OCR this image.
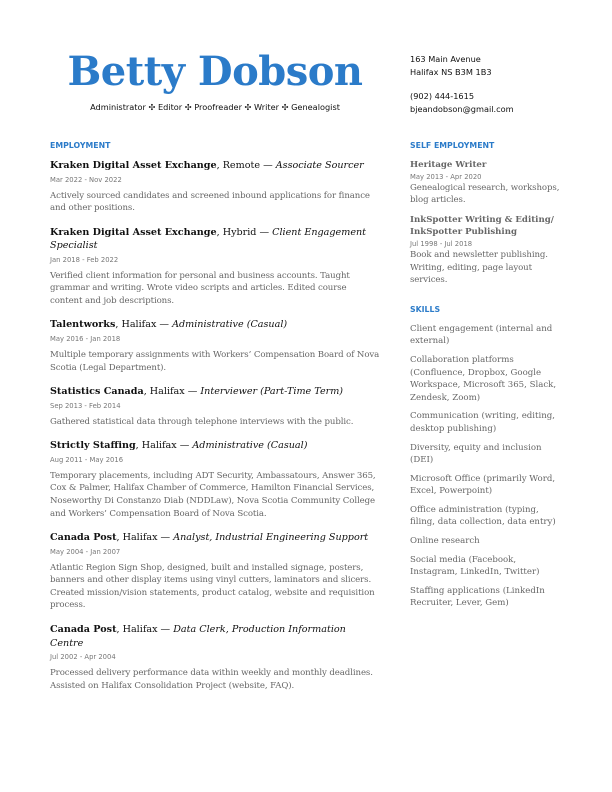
Betty Dobson
Administrator ✣ Editor ✣ Proofreader ✣ Writer ✣ Genealogist
163 Main Avenue
Halifax NS B3M 1B3
(902) 444-1615
bjeandobson@gmail.com
EMPLOYMENT
Kraken Digital Asset Exchange, Remote — Associate Sourcer
Mar 2022 - Nov 2022
Actively sourced candidates and screened inbound applications for finance and other positions.
Kraken Digital Asset Exchange, Hybrid — Client Engagement Specialist
Jan 2018 - Feb 2022
Verified client information for personal and business accounts. Taught grammar and writing. Wrote video scripts and articles. Edited course content and job descriptions.
Talentworks, Halifax — Administrative (Casual)
May 2016 - Jan 2018
Multiple temporary assignments with Workers’ Compensation Board of Nova Scotia (Legal Department).
Statistics Canada, Halifax — Interviewer (Part-Time Term)
Sep 2013 - Feb 2014
Gathered statistical data through telephone interviews with the public.
Strictly Staffing, Halifax — Administrative (Casual)
Aug 2011 - May 2016
Temporary placements, including ADT Security, Ambassatours, Answer 365, Cox & Palmer, Halifax Chamber of Commerce, Hamilton Financial Services, Noseworthy Di Constanzo Diab (NDDLaw), Nova Scotia Community College and Workers’ Compensation Board of Nova Scotia.
Canada Post, Halifax — Analyst, Industrial Engineering Support
May 2004 - Jan 2007
Atlantic Region Sign Shop, designed, built and installed signage, posters, banners and other display items using vinyl cutters, laminators and slicers. Created mission/vision statements, product catalog, website and requisition process.
Canada Post, Halifax — Data Clerk, Production Information Centre
Jul 2002 - Apr 2004
Processed delivery performance data within weekly and monthly deadlines. Assisted on Halifax Consolidation Project (website, FAQ).
SELF EMPLOYMENT
Heritage Writer
May 2013 - Apr 2020
Genealogical research, workshops, blog articles.
InkSpotter Writing & Editing/ InkSpotter Publishing
Jul 1998 - Jul 2018
Book and newsletter publishing. Writing, editing, page layout services.
SKILLS
Client engagement (internal and external)
Collaboration platforms (Confluence, Dropbox, Google Workspace, Microsoft 365, Slack, Zendesk, Zoom)
Communication (writing, editing, desktop publishing)
Diversity, equity and inclusion (DEI)
Microsoft Office (primarily Word, Excel, Powerpoint)
Office administration (typing, filing, data collection, data entry)
Online research
Social media (Facebook, Instagram, LinkedIn, Twitter)
Staffing applications (LinkedIn Recruiter, Lever, Gem)
